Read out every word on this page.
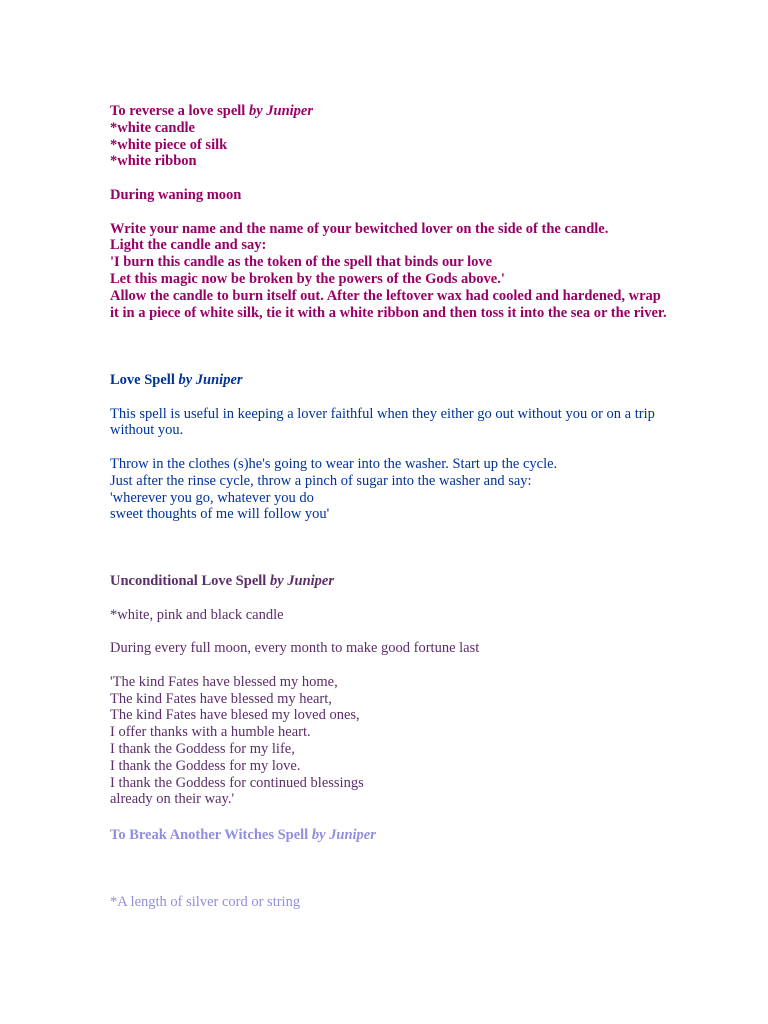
To reverse a love spell by Juniper
*white candle
*white piece of silk
*white ribbon
During waning moon
Write your name and the name of your bewitched lover on the side of the candle.
Light the candle and say:
'I burn this candle as the token of the spell that binds our love
Let this magic now be broken by the powers of the Gods above.'
Allow the candle to burn itself out. After the leftover wax had cooled and hardened, wrap it in a piece of white silk, tie it with a white ribbon and then toss it into the sea or the river.
Love Spell by Juniper
This spell is useful in keeping a lover faithful when they either go out without you or on a trip without you.
Throw in the clothes (s)he's going to wear into the washer. Start up the cycle.
Just after the rinse cycle, throw a pinch of sugar into the washer and say:
'wherever you go, whatever you do
sweet thoughts of me will follow you'
Unconditional Love Spell by Juniper
*white, pink and black candle
During every full moon, every month to make good fortune last
'The kind Fates have blessed my home,
The kind Fates have blessed my heart,
The kind Fates have blesed my loved ones,
I offer thanks with a humble heart.
I thank the Goddess for my life,
I thank the Goddess for my love.
I thank the Goddess for continued blessings
already on their way.'
To Break Another Witches Spell by Juniper
*A length of silver cord or string
